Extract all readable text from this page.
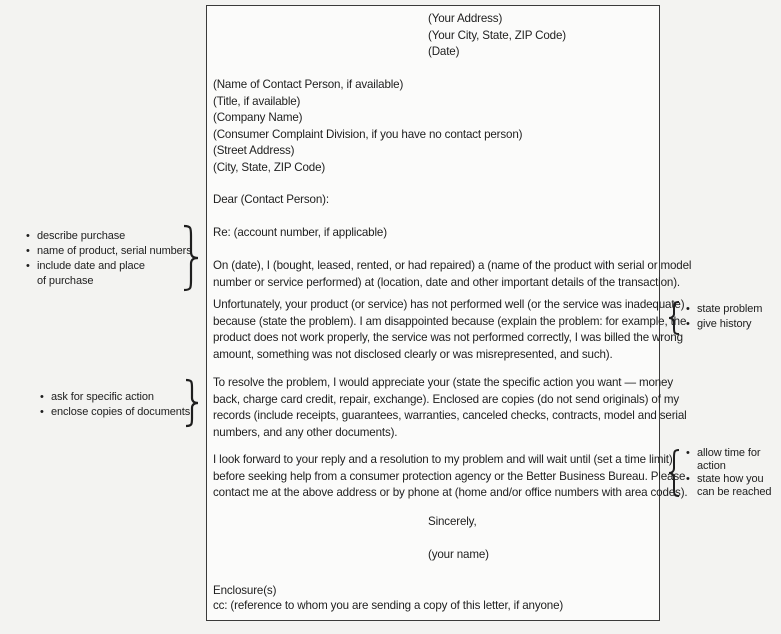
(Your Address)
(Your City, State, ZIP Code)
(Date)
(Name of Contact Person, if available)
(Title, if available)
(Company Name)
(Consumer Complaint Division, if you have no contact person)
(Street Address)
(City, State, ZIP Code)
Dear (Contact Person):
Re: (account number, if applicable)
On (date), I (bought, leased, rented, or had repaired) a (name of the product with serial or model
number or service performed) at (location, date and other important details of the transaction).
Unfortunately, your product (or service) has not performed well (or the service was inadequate)
because (state the problem). I am disappointed because (explain the problem: for example, the
product does not work properly, the service was not performed correctly, I was billed the wrong
amount, something was not disclosed clearly or was misrepresented, and such).
To resolve the problem, I would appreciate your (state the specific action you want — money
back, charge card credit, repair, exchange). Enclosed are copies (do not send originals) of my
records (include receipts, guarantees, warranties, canceled checks, contracts, model and serial
numbers, and any other documents).
I look forward to your reply and a resolution to my problem and will wait until (set a time limit)
before seeking help from a consumer protection agency or the Better Business Bureau. Please
contact me at the above address or by phone at (home and/or office numbers with area codes).
Sincerely,
(your name)
Enclosure(s)
cc: (reference to whom you are sending a copy of this letter, if anyone)
• describe purchase
• name of product, serial numbers
• include date and place
of purchase
• ask for specific action
• enclose copies of documents
• state problem
• give history
• allow time for
action
• state how you
can be reached
